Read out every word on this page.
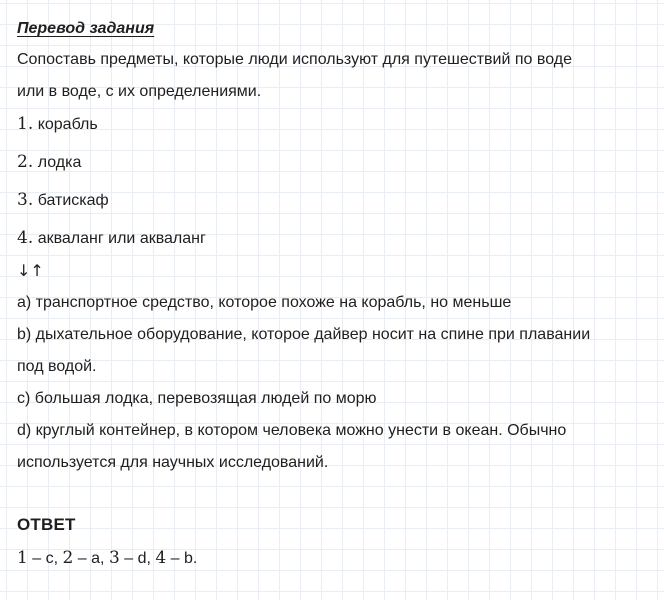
Перевод задания
Сопоставь предметы, которые люди используют для путешествий по воде
или в воде, с их определениями.
1. корабль
2. лодка
3. батискаф
4. акваланг или акваланг
↓↑
a) транспортное средство, которое похоже на корабль, но меньше
b) дыхательное оборудование, которое дайвер носит на спине при плавании
под водой.
c) большая лодка, перевозящая людей по морю
d) круглый контейнер, в котором человека можно унести в океан. Обычно
используется для научных исследований.
ОТВЕТ
1 – c, 2 – a, 3 – d, 4 – b.
